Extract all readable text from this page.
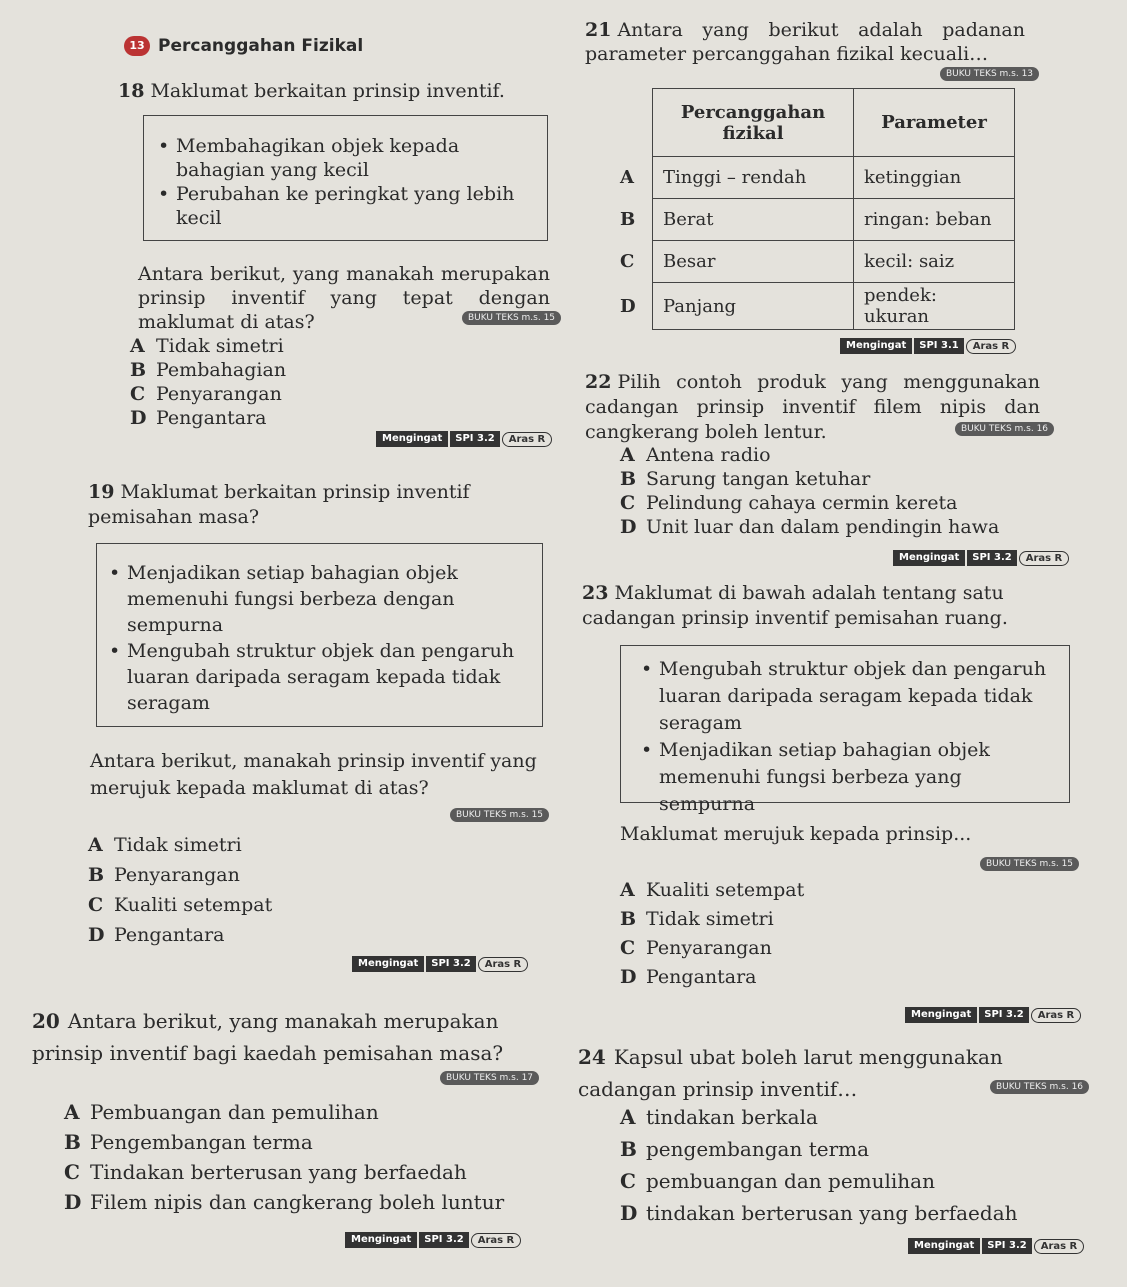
13 Percanggahan Fizikal
18 Maklumat berkaitan prinsip inventif.
• Membahagikan objek kepada bahagian yang kecil
• Perubahan ke peringkat yang lebih kecil
Antara berikut, yang manakah merupakan prinsip inventif yang tepat dengan maklumat di atas?	BUKU TEKS m.s. 15
A Tidak simetri
B Pembahagian
C Penyarangan
D Pengantara
Mengingat	SPI 3.2	Aras R
19 Maklumat berkaitan prinsip inventif pemisahan masa?
• Menjadikan setiap bahagian objek memenuhi fungsi berbeza dengan sempurna
• Mengubah struktur objek dan pengaruh luaran daripada seragam kepada tidak seragam
Antara berikut, manakah prinsip inventif yang merujuk kepada maklumat di atas?
BUKU TEKS m.s. 15
A Tidak simetri
B Penyarangan
C Kualiti setempat
D Pengantara
Mengingat	SPI 3.2	Aras R
20 Antara berikut, yang manakah merupakan prinsip inventif bagi kaedah pemisahan masa?
BUKU TEKS m.s. 17
A Pembuangan dan pemulihan
B Pengembangan terma
C Tindakan berterusan yang berfaedah
D Filem nipis dan cangkerang boleh luntur
Mengingat	SPI 3.2	Aras R
21 Antara yang berikut adalah padanan parameter percanggahan fizikal kecuali…
BUKU TEKS m.s. 13
	Percanggahan fizikal	Parameter
A	Tinggi – rendah	ketinggian
B	Berat	ringan: beban
C	Besar	kecil: saiz
D	Panjang	pendek: ukuran
Mengingat	SPI 3.1	Aras R
22 Pilih contoh produk yang menggunakan cadangan prinsip inventif filem nipis dan cangkerang boleh lentur.	BUKU TEKS m.s. 16
A Antena radio
B Sarung tangan ketuhar
C Pelindung cahaya cermin kereta
D Unit luar dan dalam pendingin hawa
Mengingat	SPI 3.2	Aras R
23 Maklumat di bawah adalah tentang satu cadangan prinsip inventif pemisahan ruang.
• Mengubah struktur objek dan pengaruh luaran daripada seragam kepada tidak seragam
• Menjadikan setiap bahagian objek memenuhi fungsi berbeza yang sempurna
Maklumat merujuk kepada prinsip...
BUKU TEKS m.s. 15
A Kualiti setempat
B Tidak simetri
C Penyarangan
D Pengantara
Mengingat	SPI 3.2	Aras R
24 Kapsul ubat boleh larut menggunakan cadangan prinsip inventif…	BUKU TEKS m.s. 16
A tindakan berkala
B pengembangan terma
C pembuangan dan pemulihan
D tindakan berterusan yang berfaedah
Mengingat	SPI 3.2	Aras R
